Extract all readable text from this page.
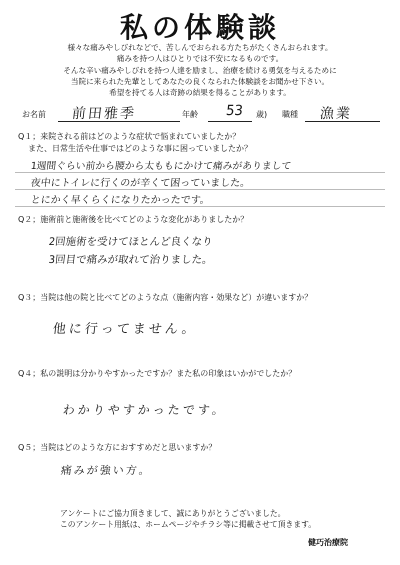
私の体験談
様々な痛みやしびれなどで、苦しんでおられる方たちがたくさんおられます。
痛みを持つ人はひとりでは不安になるものです。
そんな辛い痛みやしびれを持つ人達を励まし、治療を続ける勇気を与えるために
当院に来られた先輩としてあなたの良くなられた体験談をお聞かせ下さい。
希望を持てる人は奇跡の結果を得ることがあります。
お名前 前田雅季	年齢 53 歳) 職種 漁業
Q１；来院される前はどのような症状で悩まれていましたか？
また、日常生活や仕事ではどのような事に困っていましたか？
1週間ぐらい前から腰から太ももにかけて痛みがありまして
夜中にトイレに行くのが辛くて困っていました。
とにかく早くらくになりたかったです。
Q２；施術前と施術後を比べてどのような変化がありましたか？
2回施術を受けてほとんど良くなり
3回目で痛みが取れて治りました。
Q３；当院は他の院と比べてどのような点（施術内容・効果など）が違いますか？
他に行ってません。
Q４；私の説明は分かりやすかったですか？また私の印象はいかがでしたか？
わかりやすかったです。
Q５；当院はどのような方におすすめだと思いますか？
痛みが強い方。
アンケートにご協力頂きまして、誠にありがとうございました。
このアンケート用紙は、ホームページやチラシ等に掲載させて頂きます。
健巧治療院
